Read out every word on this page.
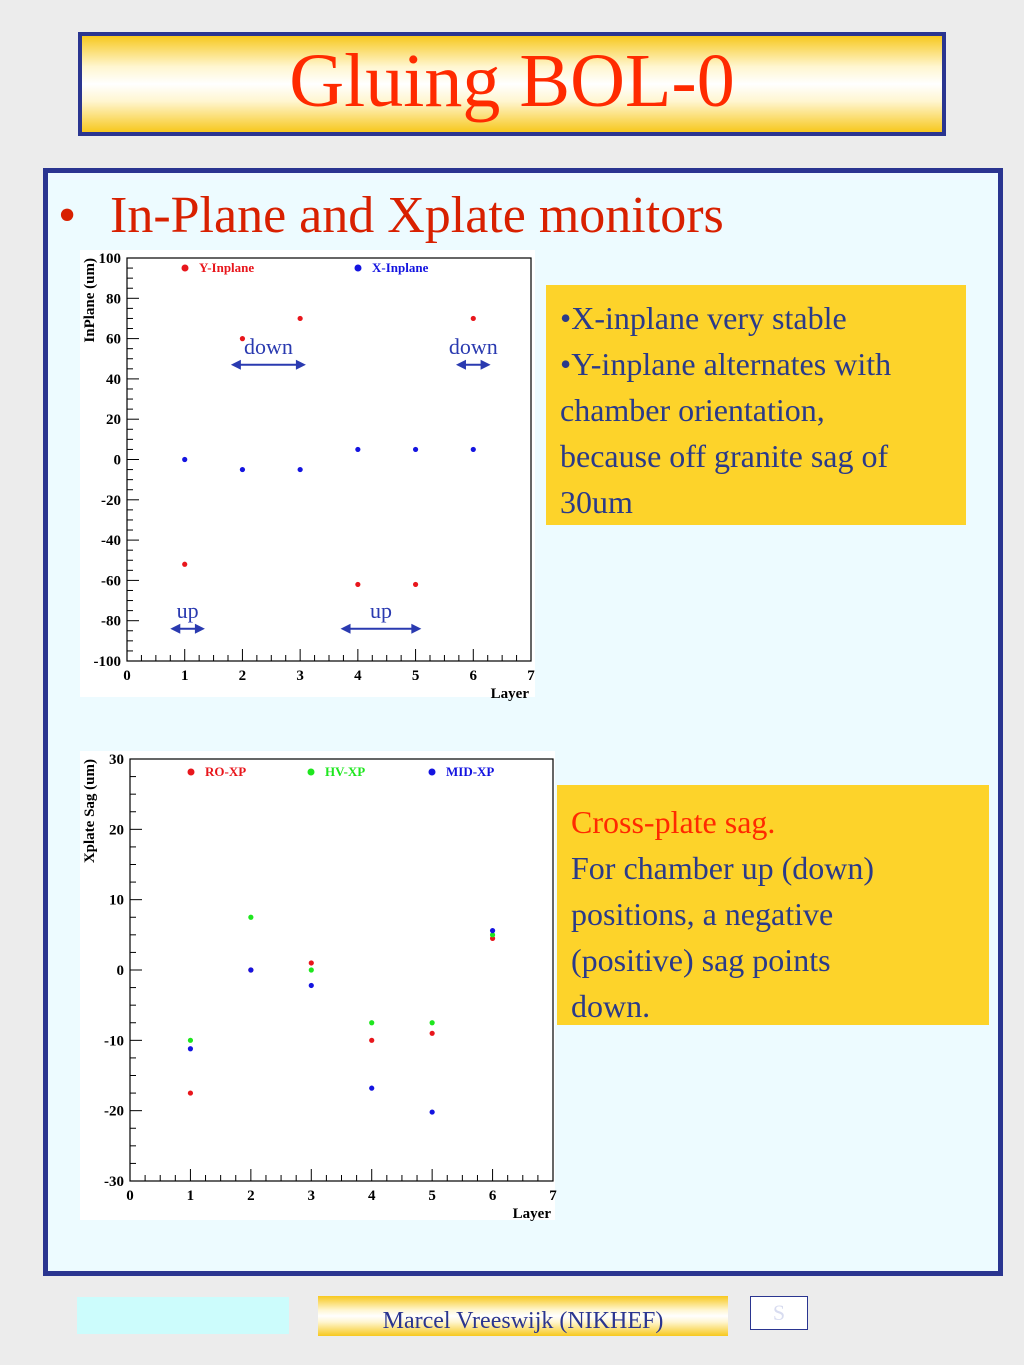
Gluing BOL-0
• In-Plane and Xplate monitors
0	1	2	3	4	5	6	7
-100
-80
-60
-40
-20
0
20
40
60
80
100
Layer
InPlane (um)	Y-Inplane	X-Inplane
down	down
up	up
0	1	2	3	4	5	6	7
-30
-20
-10
0
10
20
30
Layer
Xplate Sag (um)	RO-XP	HV-XP	MID-XP
•X-inplane very stable
•Y-inplane alternates with
chamber orientation,
because off granite sag of
30um
Cross-plate sag.
For chamber up (down)
positions, a negative
(positive) sag points
down.
Marcel Vreeswijk (NIKHEF)	S
